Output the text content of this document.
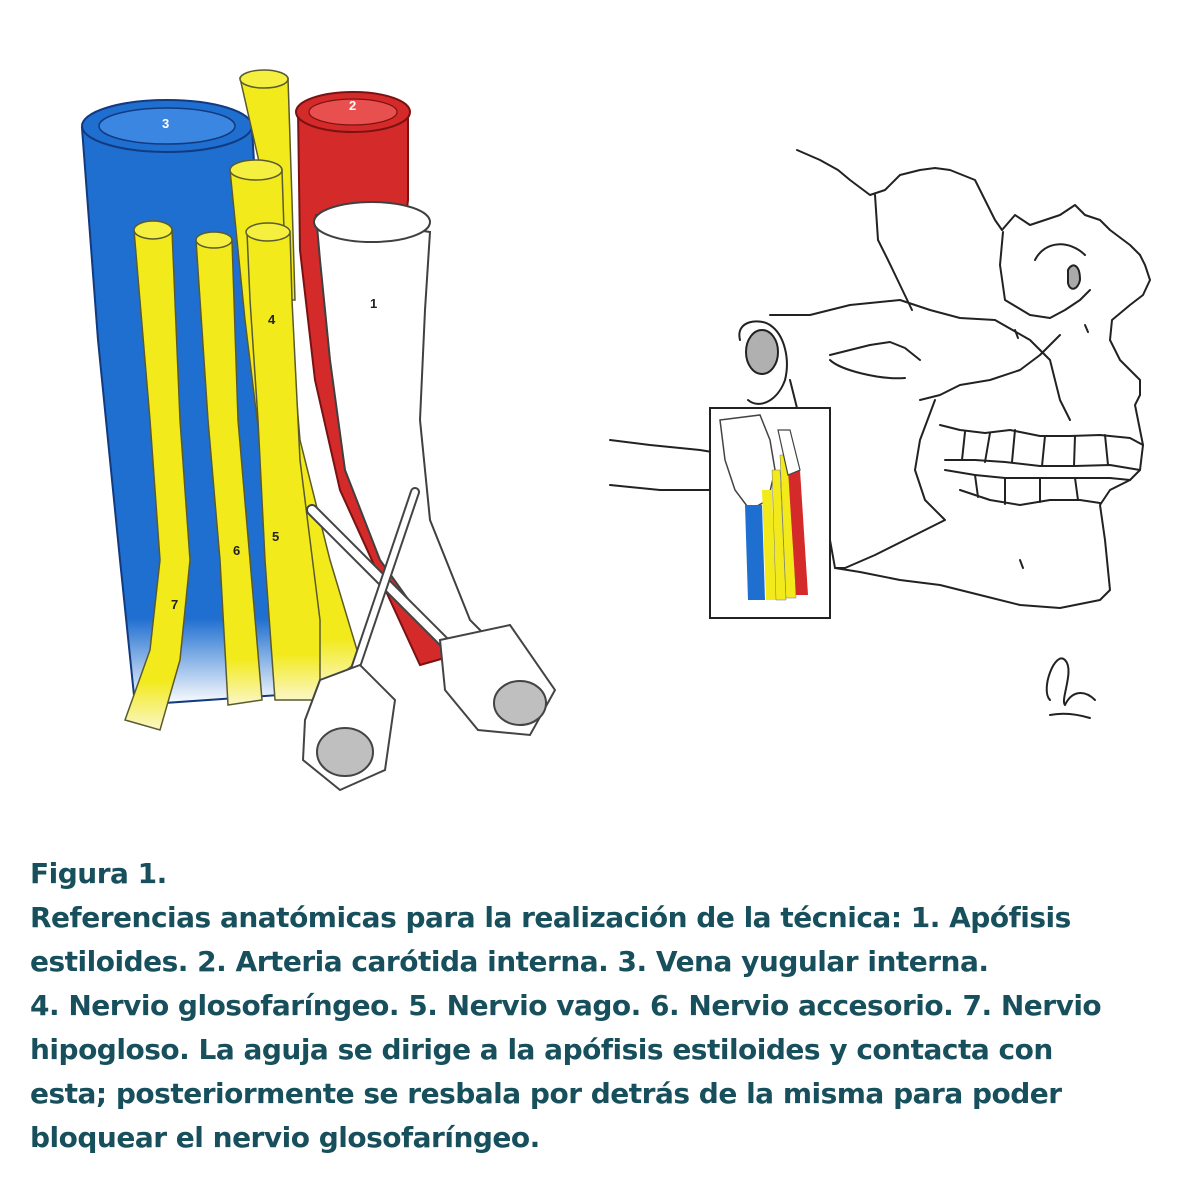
3
2
1
4
5
6
7

Figura 1.

Referencias anatómicas para la realización de la técnica: 1. Apófisis

estiloides. 2. Arteria carótida interna. 3. Vena yugular interna.

4. Nervio glosofaríngeo. 5. Nervio vago. 6. Nervio accesorio. 7. Nervio

hipogloso. La aguja se dirige a la apófisis estiloides y contacta con

esta; posteriormente se resbala por detrás de la misma para poder

bloquear el nervio glosofaríngeo.
